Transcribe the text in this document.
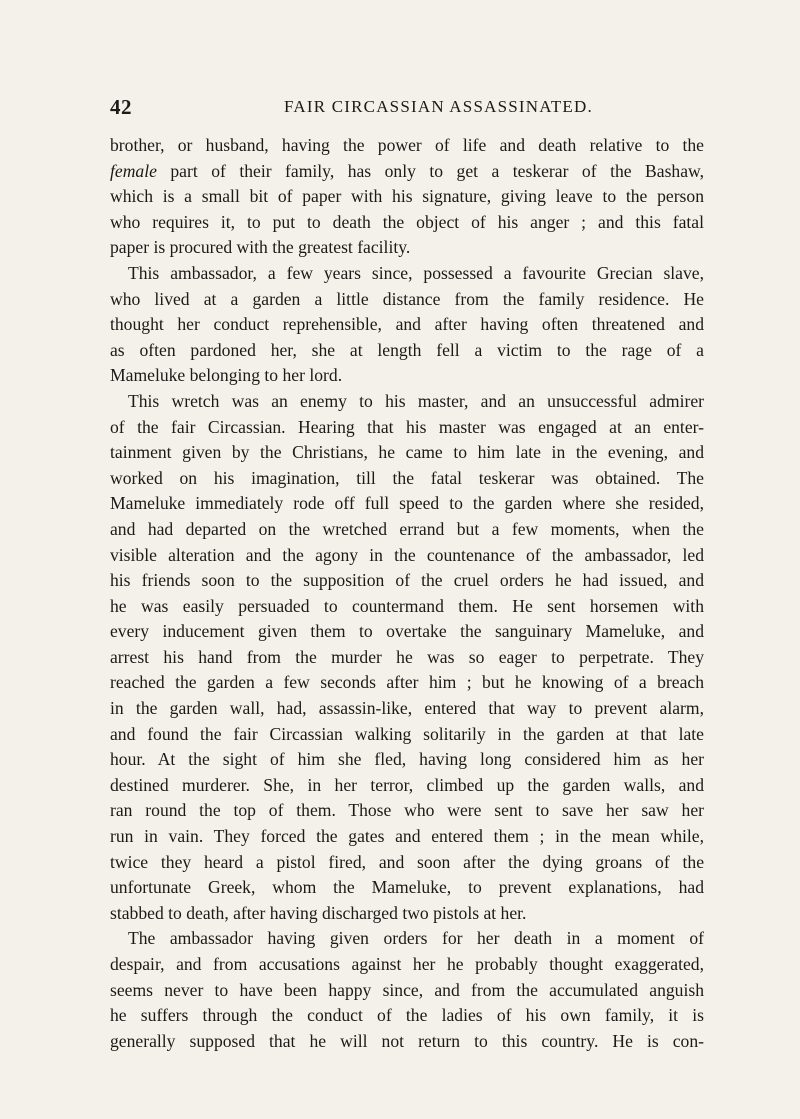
42	FAIR CIRCASSIAN ASSASSINATED.
brother, or husband, having the power of life and death relative to the
female part of their family, has only to get a teskerar of the Bashaw,
which is a small bit of paper with his signature, giving leave to the person
who requires it, to put to death the object of his anger ; and this fatal
paper is procured with the greatest facility.
This ambassador, a few years since, possessed a favourite Grecian slave,
who lived at a garden a little distance from the family residence. He
thought her conduct reprehensible, and after having often threatened and
as often pardoned her, she at length fell a victim to the rage of a
Mameluke belonging to her lord.
This wretch was an enemy to his master, and an unsuccessful admirer
of the fair Circassian. Hearing that his master was engaged at an enter-
tainment given by the Christians, he came to him late in the evening, and
worked on his imagination, till the fatal teskerar was obtained. The
Mameluke immediately rode off full speed to the garden where she resided,
and had departed on the wretched errand but a few moments, when the
visible alteration and the agony in the countenance of the ambassador, led
his friends soon to the supposition of the cruel orders he had issued, and
he was easily persuaded to countermand them. He sent horsemen with
every inducement given them to overtake the sanguinary Mameluke, and
arrest his hand from the murder he was so eager to perpetrate. They
reached the garden a few seconds after him ; but he knowing of a breach
in the garden wall, had, assassin-like, entered that way to prevent alarm,
and found the fair Circassian walking solitarily in the garden at that late
hour. At the sight of him she fled, having long considered him as her
destined murderer. She, in her terror, climbed up the garden walls, and
ran round the top of them. Those who were sent to save her saw her
run in vain. They forced the gates and entered them ; in the mean while,
twice they heard a pistol fired, and soon after the dying groans of the
unfortunate Greek, whom the Mameluke, to prevent explanations, had
stabbed to death, after having discharged two pistols at her.
The ambassador having given orders for her death in a moment of
despair, and from accusations against her he probably thought exaggerated,
seems never to have been happy since, and from the accumulated anguish
he suffers through the conduct of the ladies of his own family, it is
generally supposed that he will not return to this country. He is con-
